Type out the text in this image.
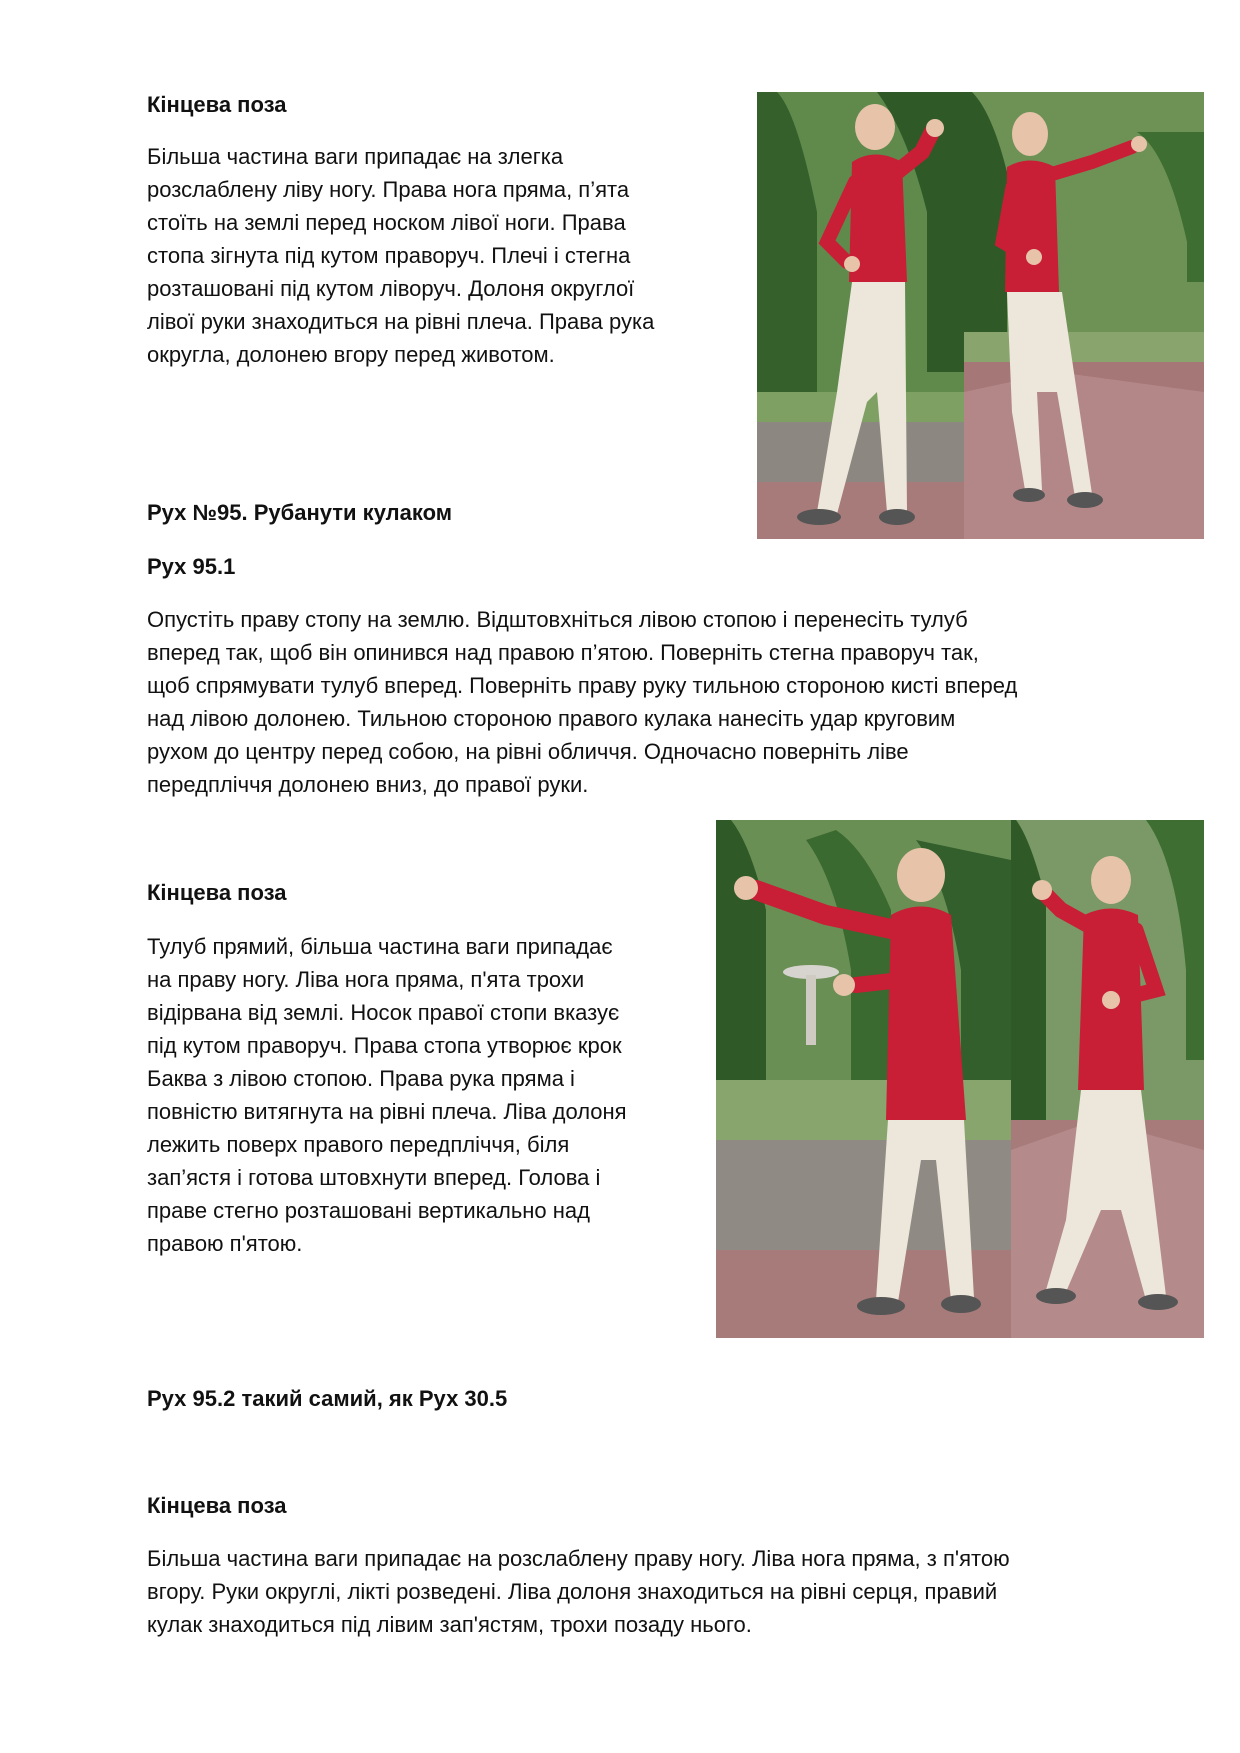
Кінцева поза
Більша частина ваги припадає на злегка
розслаблену ліву ногу. Права нога пряма, п’ята
стоїть на землі перед носком лівої ноги. Права
стопа зігнута під кутом праворуч. Плечі і стегна
розташовані під кутом ліворуч. Долоня округлої
лівої руки знаходиться на рівні плеча. Права рука
округла, долонею вгору перед животом.
Рух №95. Рубанути кулаком
Рух 95.1
Опустіть праву стопу на землю. Відштовхніться лівою стопою і перенесіть тулуб
вперед так, щоб він опинився над правою п’ятою. Поверніть стегна праворуч так,
щоб спрямувати тулуб вперед. Поверніть праву руку тильною стороною кисті вперед
над лівою долонею. Тильною стороною правого кулака нанесіть удар круговим
рухом до центру перед собою, на рівні обличчя. Одночасно поверніть ліве
передпліччя долонею вниз, до правої руки.
Кінцева поза
Тулуб прямий, більша частина ваги припадає
на праву ногу. Ліва нога пряма, п'ята трохи
відірвана від землі. Носок правої стопи вказує
під кутом праворуч. Права стопа утворює крок
Баква з лівою стопою. Права рука пряма і
повністю витягнута на рівні плеча. Ліва долоня
лежить поверх правого передпліччя, біля
зап’ястя і готова штовхнути вперед. Голова і
праве стегно розташовані вертикально над
правою п'ятою.
Рух 95.2 такий самий, як Рух 30.5
Кінцева поза
Більша частина ваги припадає на розслаблену праву ногу. Ліва нога пряма, з п'ятою
вгору. Руки округлі, лікті розведені. Ліва долоня знаходиться на рівні серця, правий
кулак знаходиться під лівим зап'ястям, трохи позаду нього.
